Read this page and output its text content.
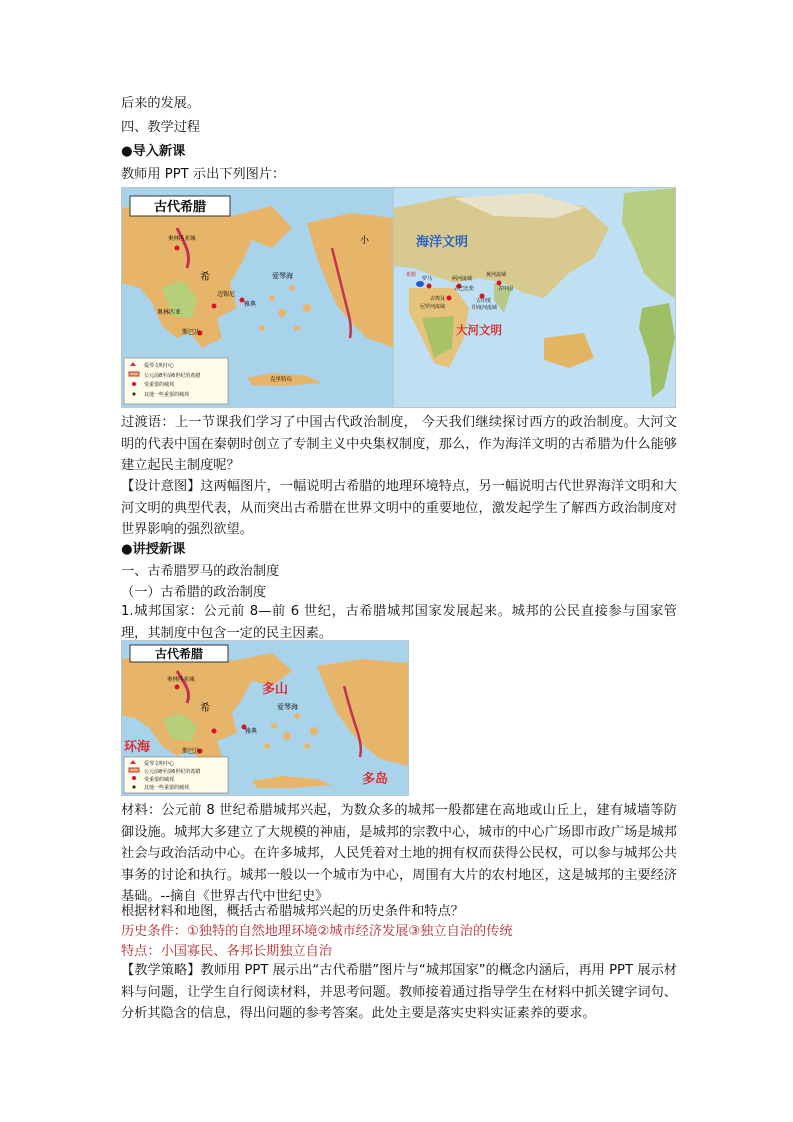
后来的发展。
四、教学过程
●导入新课
教师用 PPT 示出下列图片：
古代希腊
奥林匹亚城
希
斯巴达
奥林匹亚
爱琴海
小
雅典
迈锡尼
克里特岛
爱琴文明中心
公元前8至前6世纪的希腊
受重要的城邦
其他一些重要的城邦
海洋文明
大河文明
希腊
罗马	两河流域
黄河流域
古巴比伦	古中国
古埃及
尼罗河流域
古印度
印度河流域
过渡语：上一节课我们学习了中国古代政治制度， 今天我们继续探讨西方的政治制度。大河文明的代表中国在秦朝时创立了专制主义中央集权制度，那么，作为海洋文明的古希腊为什么能够建立起民主制度呢？
【设计意图】这两幅图片，一幅说明古希腊的地理环境特点，另一幅说明古代世界海洋文明和大河文明的典型代表，从而突出古希腊在世界文明中的重要地位，激发起学生了解西方政治制度对世界影响的强烈欲望。
●讲授新课
一、古希腊罗马的政治制度
（一）古希腊的政治制度
1.城邦国家：公元前 8—前 6 世纪，古希腊城邦国家发展起来。城邦的公民直接参与国家管理，其制度中包含一定的民主因素。
古代希腊
奥林匹亚城
希
斯巴达
爱琴海
雅典
多山
环海
多岛
爱琴文明中心
公元前8至前6世纪的希腊
受重要的城邦
其他一些重要的城邦
材料：公元前 8 世纪希腊城邦兴起，为数众多的城邦一般都建在高地或山丘上，建有城墙等防御设施。城邦大多建立了大规模的神庙，是城邦的宗教中心，城市的中心广场即市政广场是城邦社会与政治活动中心。在许多城邦，人民凭着对土地的拥有权而获得公民权，可以参与城邦公共事务的讨论和执行。城邦一般以一个城市为中心，周围有大片的农村地区，这是城邦的主要经济基础。--摘自《世界古代中世纪史》
根据材料和地图，概括古希腊城邦兴起的历史条件和特点？
历史条件：①独特的自然地理环境②城市经济发展③独立自治的传统
特点：小国寡民、各邦长期独立自治
【教学策略】教师用 PPT 展示出“古代希腊”图片与“城邦国家”的概念内涵后，再用 PPT 展示材料与问题，让学生自行阅读材料，并思考问题。教师接着通过指导学生在材料中抓关键字词句、分析其隐含的信息，得出问题的参考答案。此处主要是落实史料实证素养的要求。
